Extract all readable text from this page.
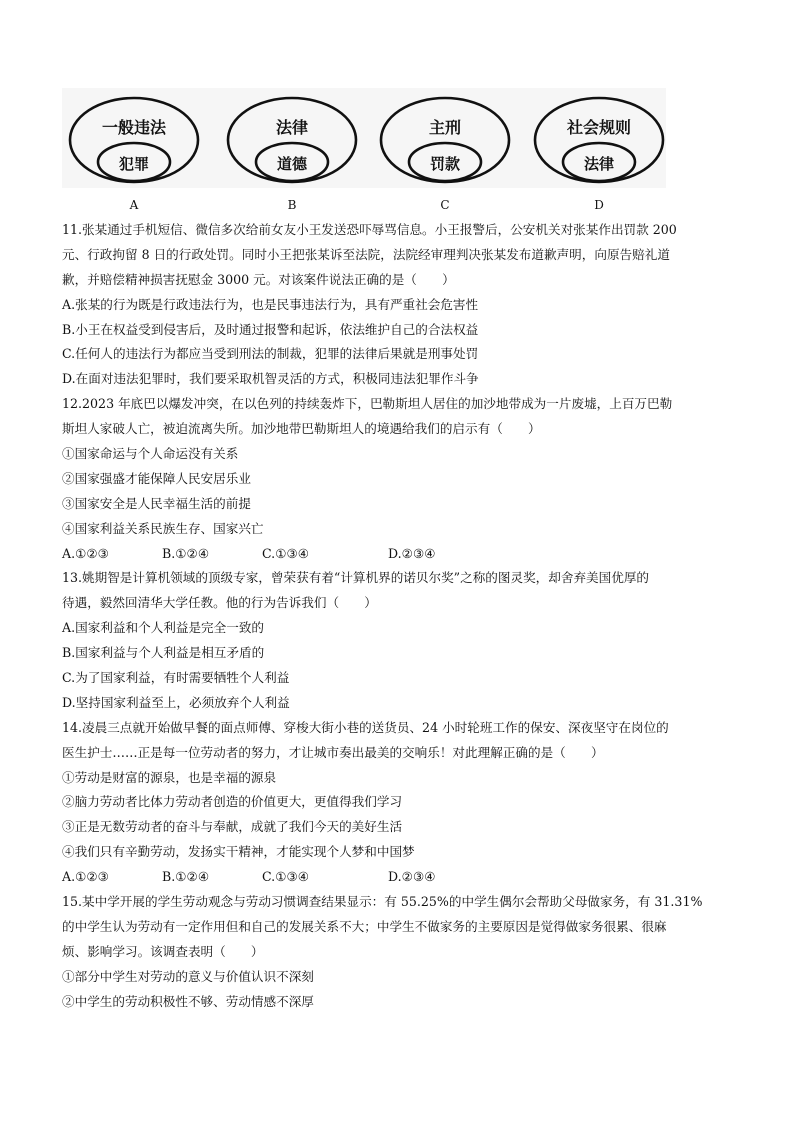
一般违法
犯罪
法律
道德
主刑
罚款
社会规则
法律
A	B	C	D
11.张某通过手机短信、微信多次给前女友小王发送恐吓辱骂信息。小王报警后，公安机关对张某作出罚款 200
元、行政拘留 8 日的行政处罚。同时小王把张某诉至法院，法院经审理判决张某发布道歉声明，向原告赔礼道
歉，并赔偿精神损害抚慰金 3000 元。对该案件说法正确的是（　　）
A.张某的行为既是行政违法行为，也是民事违法行为，具有严重社会危害性
B.小王在权益受到侵害后，及时通过报警和起诉，依法维护自己的合法权益
C.任何人的违法行为都应当受到刑法的制裁，犯罪的法律后果就是刑事处罚
D.在面对违法犯罪时，我们要采取机智灵活的方式，积极同违法犯罪作斗争
12.2023 年底巴以爆发冲突，在以色列的持续轰炸下，巴勒斯坦人居住的加沙地带成为一片废墟，上百万巴勒
斯坦人家破人亡，被迫流离失所。加沙地带巴勒斯坦人的境遇给我们的启示有（　　）
①国家命运与个人命运没有关系
②国家强盛才能保障人民安居乐业
③国家安全是人民幸福生活的前提
④国家利益关系民族生存、国家兴亡
A.①②③	B.①②④	C.①③④	D.②③④
13.姚期智是计算机领域的顶级专家，曾荣获有着“计算机界的诺贝尔奖”之称的图灵奖，却舍弃美国优厚的
待遇，毅然回清华大学任教。他的行为告诉我们（　　）
A.国家利益和个人利益是完全一致的
B.国家利益与个人利益是相互矛盾的
C.为了国家利益，有时需要牺牲个人利益
D.坚持国家利益至上，必须放弃个人利益
14.凌晨三点就开始做早餐的面点师傅、穿梭大街小巷的送货员、24 小时轮班工作的保安、深夜坚守在岗位的
医生护士……正是每一位劳动者的努力，才让城市奏出最美的交响乐！对此理解正确的是（　　）
①劳动是财富的源泉，也是幸福的源泉
②脑力劳动者比体力劳动者创造的价值更大，更值得我们学习
③正是无数劳动者的奋斗与奉献，成就了我们今天的美好生活
④我们只有辛勤劳动，发扬实干精神，才能实现个人梦和中国梦
A.①②③	B.①②④	C.①③④	D.②③④
15.某中学开展的学生劳动观念与劳动习惯调查结果显示：有 55.25%的中学生偶尔会帮助父母做家务，有 31.31%
的中学生认为劳动有一定作用但和自己的发展关系不大；中学生不做家务的主要原因是觉得做家务很累、很麻
烦、影响学习。该调查表明（　　）
①部分中学生对劳动的意义与价值认识不深刻
②中学生的劳动积极性不够、劳动情感不深厚
